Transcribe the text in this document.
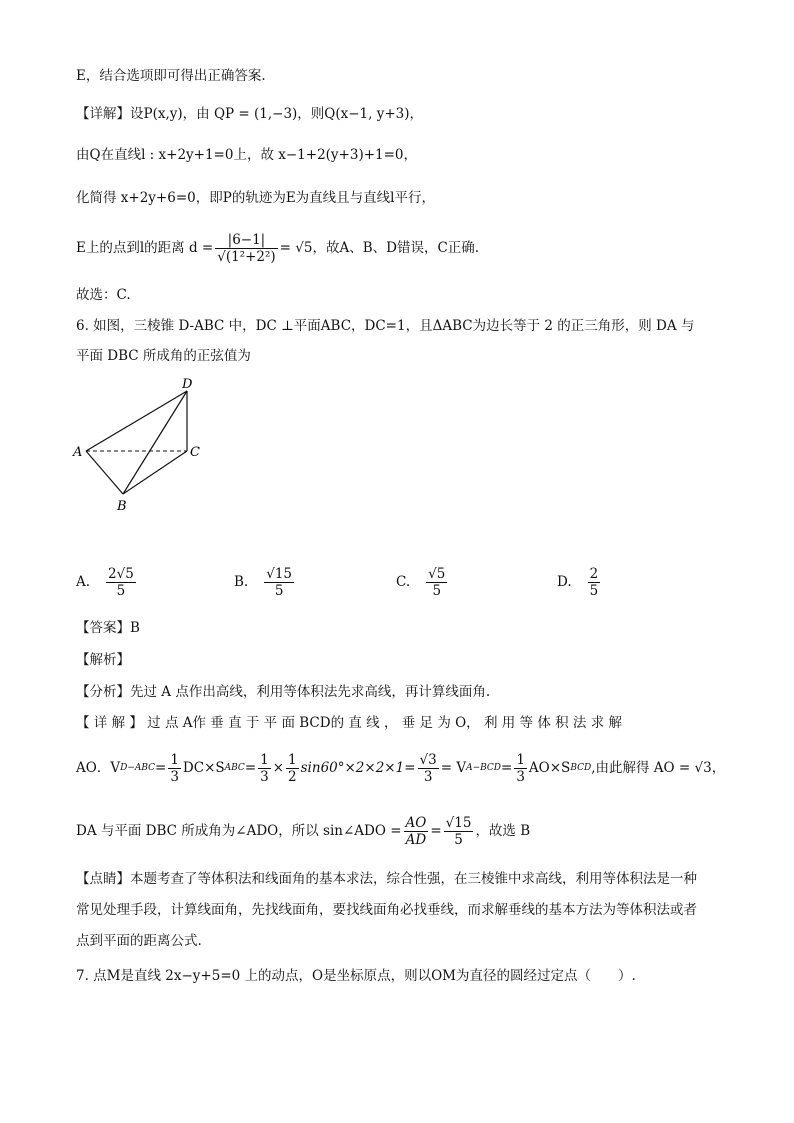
E，结合选项即可得出正确答案.
【详解】设P(x,y)，由 QP = (1,−3)，则Q(x−1, y+3)，
由Q在直线l : x+2y+1=0上，故 x−1+2(y+3)+1=0，
化简得 x+2y+6=0，即P的轨迹为E为直线且与直线l平行，
E上的点到l的距离 $d = \frac{|6-1|}{\text{√(1²+2²)}} = √5$，故A、B、D错误，C正确.
故选：C.
6. 如图，三棱锥 D-ABC 中，DC ⊥平面ABC，DC=1，且ΔABC为边长等于 2 的正三角形，则 DA 与
平面 DBC 所成角的正弦值为
D
A	C
B
A. $\frac{2√5}{5}$	B. $\frac{√15}{5}$	C. $\frac{√5}{5}$	D. $\frac{2}{5}$
【答案】B
【解析】
【分析】先过 A 点作出高线，利用等体积法先求高线，再计算线面角.
【 详 解 】 过 点 A作 垂 直 于 平 面 BCD的 直 线 ， 垂 足 为 O， 利 用 等 体 积 法 求 解
AO．V $D-ABC = \frac{1}{3} DC\times S$ ABC = $\frac{1}{3} \times \frac{1}{2} \sin 60^\circ\times 2\times 2\times 1= \frac{√3}{3} = V$ $A-BCD = \frac{1}{3} AO\times S$ BCD ,由此解得 AO = √3，
DA 与平面 DBC 所成角为∠ADO，所以 sin∠ADO = $\frac{AO}{AD} = \frac{√15}{5}$ ，故选 B
【点睛】本题考查了等体积法和线面角的基本求法，综合性强，在三棱锥中求高线，利用等体积法是一种
常见处理手段，计算线面角，先找线面角，要找线面角必找垂线，而求解垂线的基本方法为等体积法或者
点到平面的距离公式.
7. 点M是直线 2x−y+5=0 上的动点，O是坐标原点，则以OM为直径的圆经过定点（　　）.
